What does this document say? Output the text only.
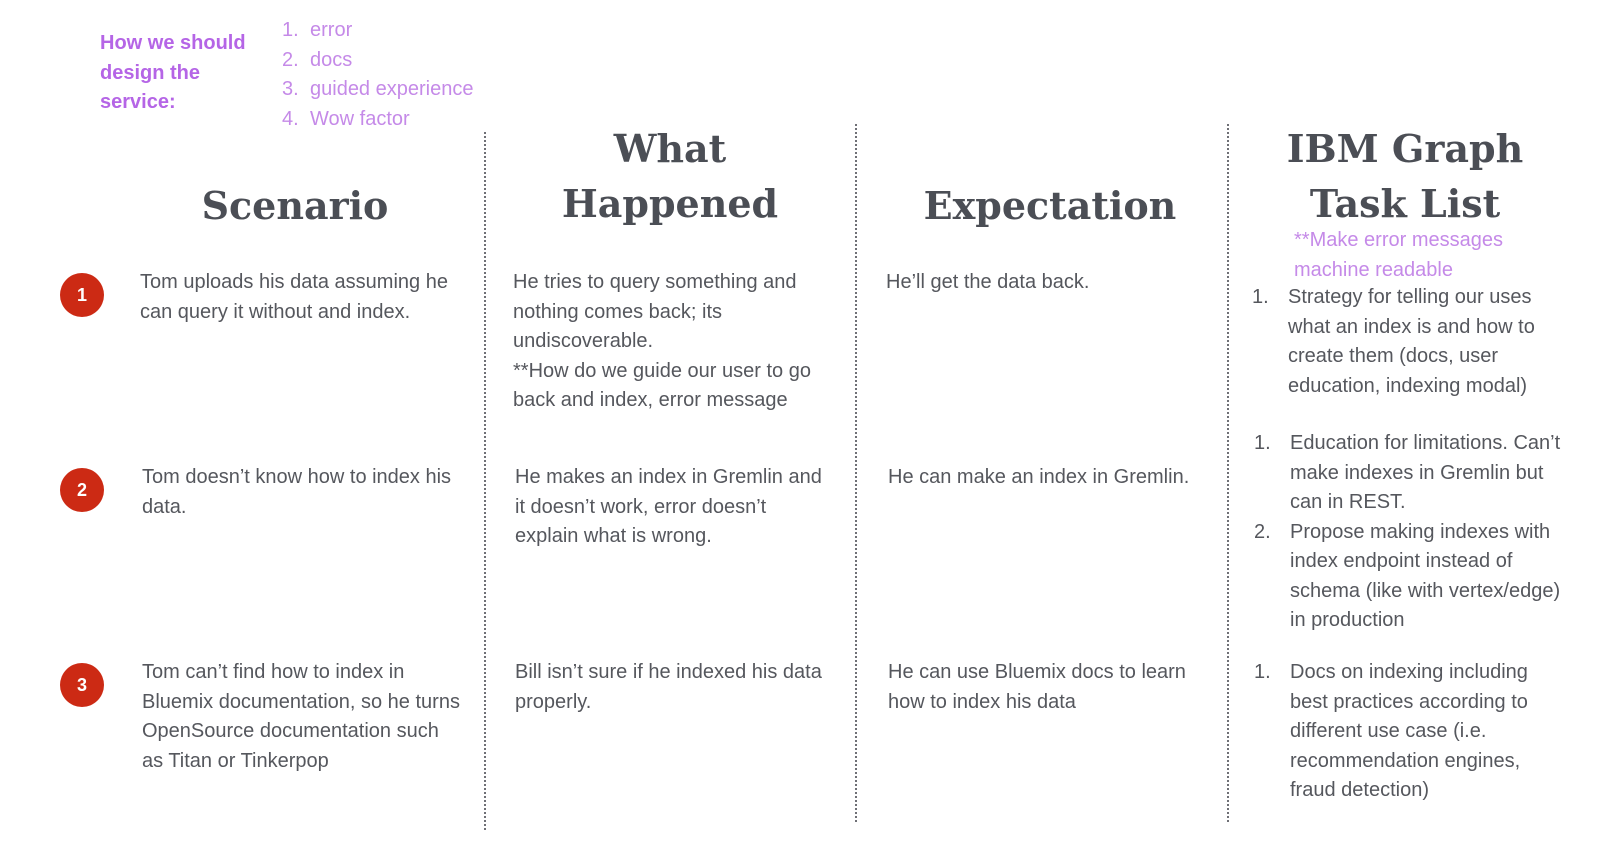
How we should design the service:
1. error
2. docs
3. guided experience
4. Wow factor
Scenario
What Happened	Expectation
IBM Graph Task List
**Make error messages machine readable
1
Tom uploads his data assuming he can query it without and index.

He tries to query something and nothing comes back; its undiscoverable.

**How do we guide our user to go back and index, error message

He’ll get the data back.
1. Strategy for telling our uses what an index is and how to create them (docs, user education, indexing modal)
2
Tom doesn’t know how to index his data.
He makes an index in Gremlin and it doesn’t work, error doesn’t explain what is wrong.
He can make an index in Gremlin.
1. Education for limitations. Can’t make indexes in Gremlin but can in REST.
2. Propose making indexes with index endpoint instead of schema (like with vertex/edge) in production
3
Tom can’t find how to index in Bluemix documentation, so he turns OpenSource documentation such as Titan or Tinkerpop
Bill isn’t sure if he indexed his data properly.
He can use Bluemix docs to learn how to index his data
1. Docs on indexing including best practices according to different use case (i.e. recommendation engines, fraud detection)
